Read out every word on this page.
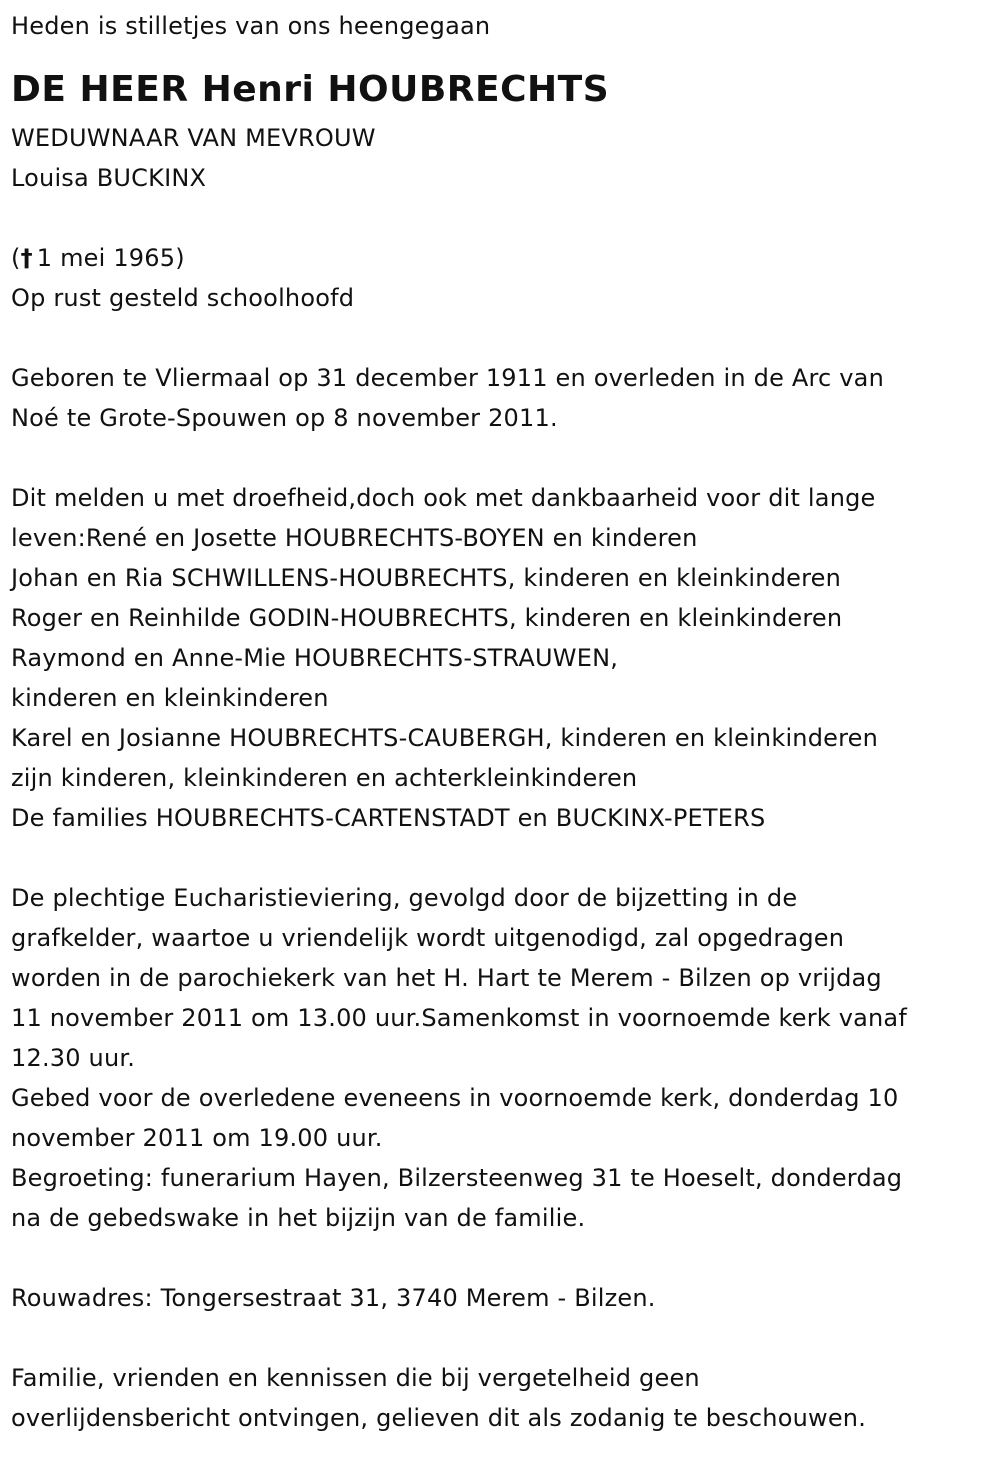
Heden is stilletjes van ons heengegaan
DE HEER Henri HOUBRECHTS
WEDUWNAAR VAN MEVROUW
Louisa BUCKINX
(† 1 mei 1965)
Op rust gesteld schoolhoofd
Geboren te Vliermaal op 31 december 1911 en overleden in de Arc van
Noé te Grote-Spouwen op 8 november 2011.
Dit melden u met droefheid,doch ook met dankbaarheid voor dit lange
leven:René en Josette HOUBRECHTS-BOYEN en kinderen
Johan en Ria SCHWILLENS-HOUBRECHTS, kinderen en kleinkinderen
Roger en Reinhilde GODIN-HOUBRECHTS, kinderen en kleinkinderen
Raymond en Anne-Mie HOUBRECHTS-STRAUWEN,
kinderen en kleinkinderen
Karel en Josianne HOUBRECHTS-CAUBERGH, kinderen en kleinkinderen
zijn kinderen, kleinkinderen en achterkleinkinderen
De families HOUBRECHTS-CARTENSTADT en BUCKINX-PETERS
De plechtige Eucharistieviering, gevolgd door de bijzetting in de
grafkelder, waartoe u vriendelijk wordt uitgenodigd, zal opgedragen
worden in de parochiekerk van het H. Hart te Merem - Bilzen op vrijdag
11 november 2011 om 13.00 uur.Samenkomst in voornoemde kerk vanaf
12.30 uur.
Gebed voor de overledene eveneens in voornoemde kerk, donderdag 10
november 2011 om 19.00 uur.
Begroeting: funerarium Hayen, Bilzersteenweg 31 te Hoeselt, donderdag
na de gebedswake in het bijzijn van de familie.
Rouwadres: Tongersestraat 31, 3740 Merem - Bilzen.
Familie, vrienden en kennissen die bij vergetelheid geen
overlijdensbericht ontvingen, gelieven dit als zodanig te beschouwen.
